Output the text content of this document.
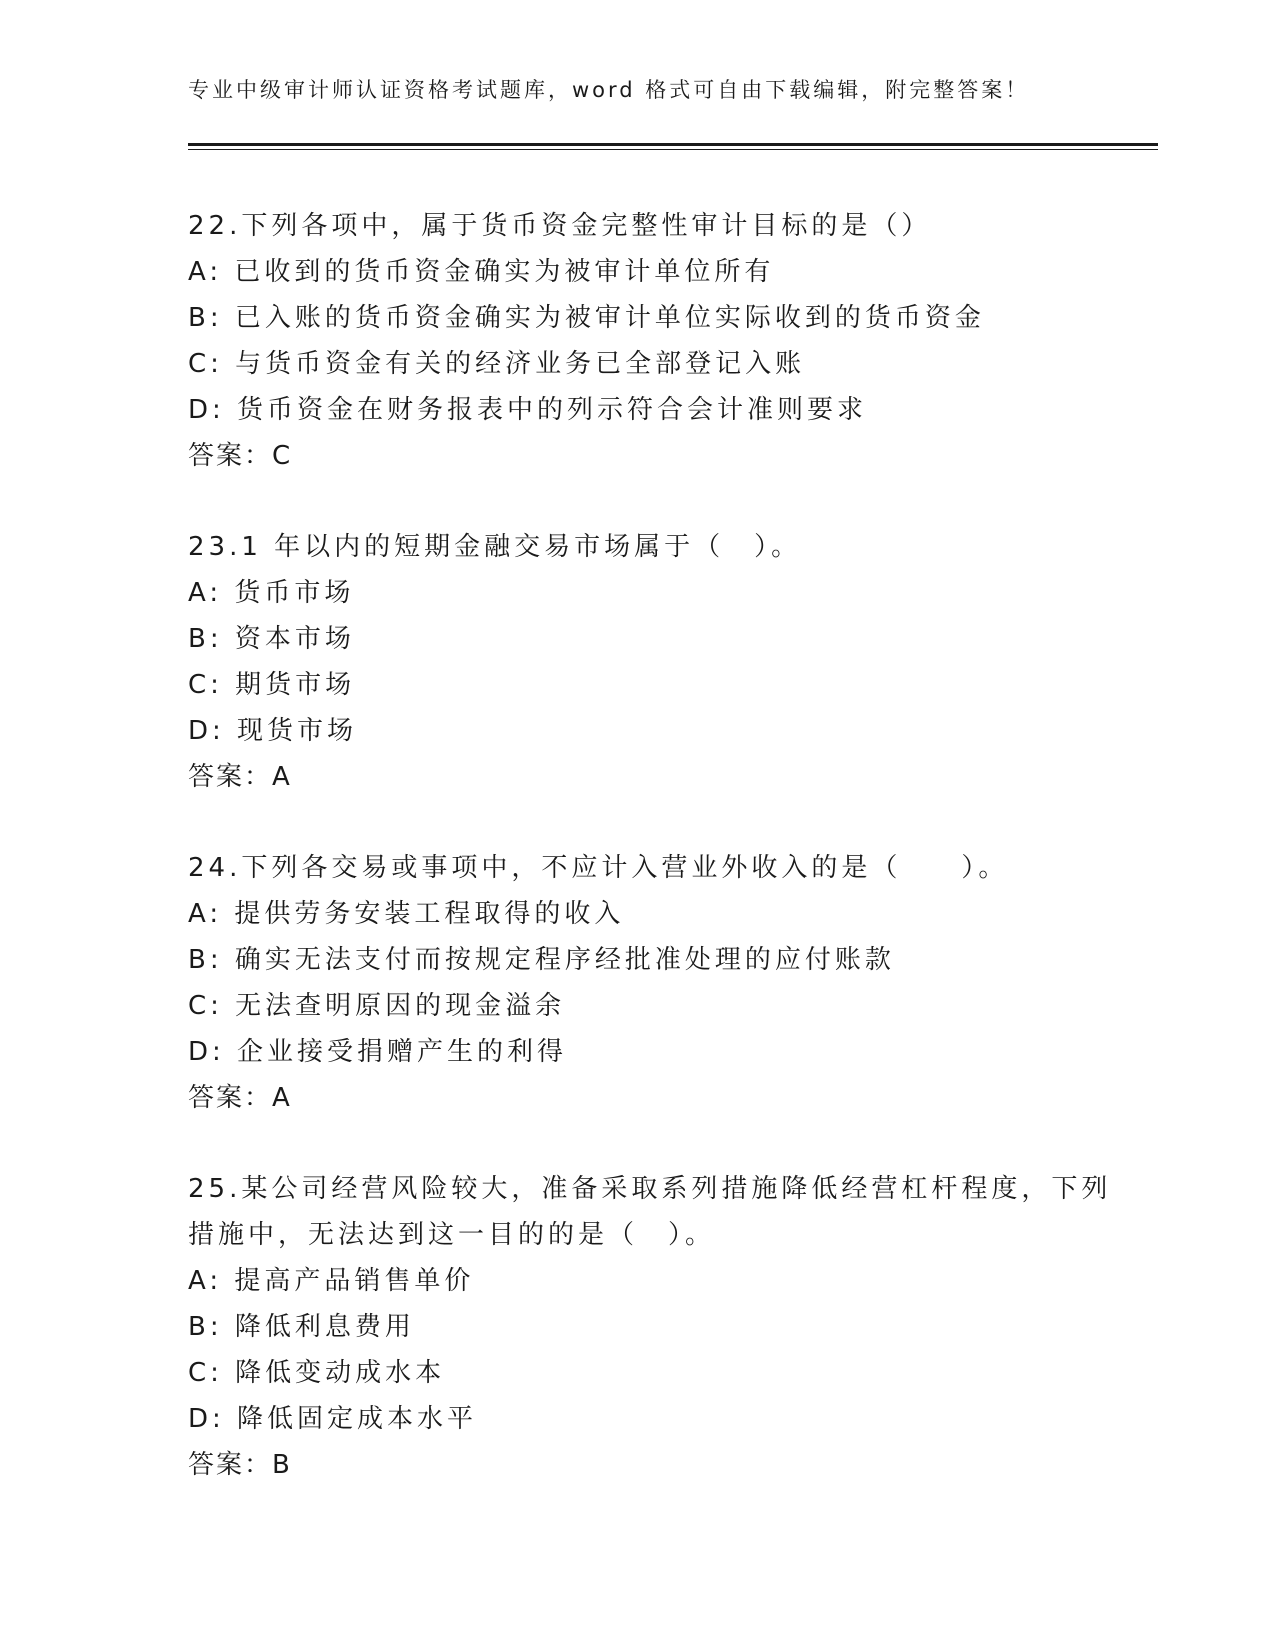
专业中级审计师认证资格考试题库，word 格式可自由下载编辑，附完整答案！
22.下列各项中，属于货币资金完整性审计目标的是（）
A: 已收到的货币资金确实为被审计单位所有
B: 已入账的货币资金确实为被审计单位实际收到的货币资金
C: 与货币资金有关的经济业务已全部登记入账
D: 货币资金在财务报表中的列示符合会计准则要求
答案：C
23.1 年以内的短期金融交易市场属于（　）。
A: 货币市场
B: 资本市场
C: 期货市场
D: 现货市场
答案：A
24.下列各交易或事项中，不应计入营业外收入的是（　　）。
A: 提供劳务安装工程取得的收入
B: 确实无法支付而按规定程序经批准处理的应付账款
C: 无法查明原因的现金溢余
D: 企业接受捐赠产生的利得
答案：A
25.某公司经营风险较大，准备采取系列措施降低经营杠杆程度，下列
措施中，无法达到这一目的的是（　）。
A: 提高产品销售单价
B: 降低利息费用
C: 降低变动成水本
D: 降低固定成本水平
答案：B
